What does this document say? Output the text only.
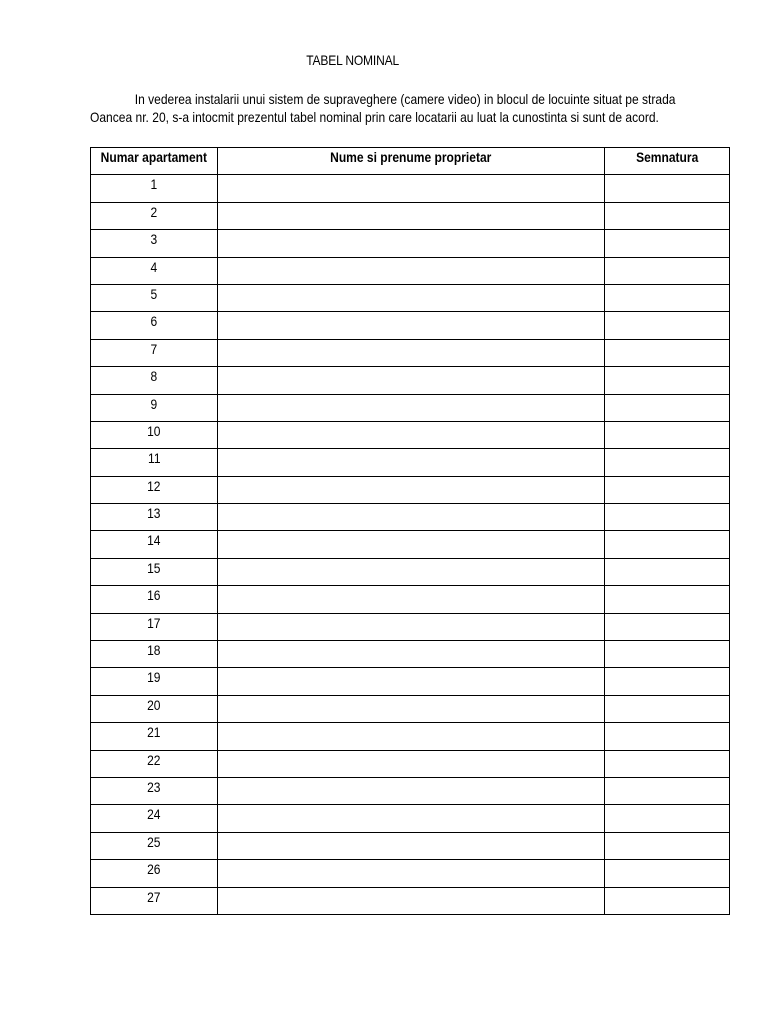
TABEL NOMINAL
In vederea instalarii unui sistem de supraveghere (camere video) in blocul de locuinte situat pe strada
Oancea nr. 20, s-a intocmit prezentul tabel nominal prin care locatarii au luat la cunostinta si sunt de acord.
Numar apartament	Nume si prenume proprietar	Semnatura
1		
2		
3		
4		
5		
6		
7		
8		
9		
10		
11		
12		
13		
14		
15		
16		
17		
18		
19		
20		
21		
22		
23		
24		
25		
26		
27		
